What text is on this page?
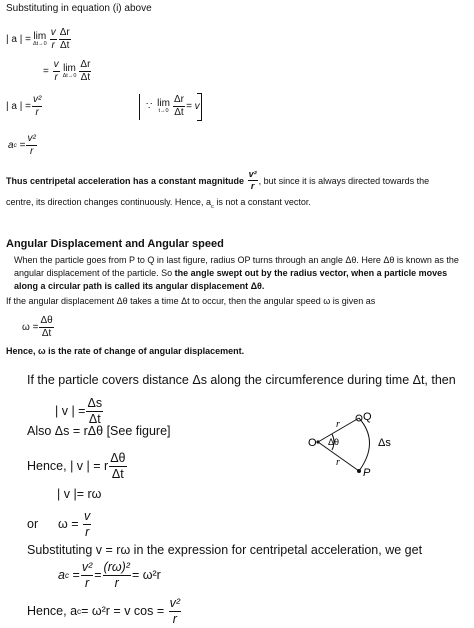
Substituting in equation (i) above
| a | = lim
$\Delta t\to 0 \frac{v}{r} \frac{\Delta r}{\Delta t}$
=
$\frac{v}{r}$ lim
$\Delta t\to 0 \frac{\Delta r}{\Delta t}$
| a | = $\frac{\text{v²}}{r}$	∵
lim
$t\to 0 \frac{\Delta r}{\Delta t} = v$
a c
= $\frac{\text{v²}}{r}$
Thus centripetal acceleration has a constant magnitude
$\frac{\text{v²}}{r}$ , but since it is always directed towards the
centre, its direction changes continuously. Hence, $a_c$ is not a constant vector.
Angular Displacement and Angular speed
When the particle goes from P to Q in last figure, radius OP turns through an angle Δθ. Here Δθ is known as the
angular displacement of the particle. So the angle swept out by the radius vector, when a particle moves
along a circular path is called its angular displacement Δθ.
If the angular displacement Δθ takes a time Δt to occur, then the angular speed ω is given as
$\omega = \frac{\Delta\theta}{\Delta t}$
Hence, ω is the rate of change of angular displacement.
If the particle covers distance Δs along the circumference during time Δt, then
| v | = $\frac{\Delta s}{\Delta t}$
Also Δs = rΔθ [See figure]
Hence, | v | = r $\frac{\Delta\theta}{\Delta t}$
| v |= rω
or ω =
$\frac{v}{r}$
Substituting v = rω in the expression for centripetal acceleration, we get
a c
= $\frac{\text{v²}}{r} = \frac{\text{(rω)²}}{r} = \omega^2r$
Hence, a c = ω²r = v cos =
$\frac{\text{v²}}{r}$
O
Q
P
r
r
Δθ	Δs
